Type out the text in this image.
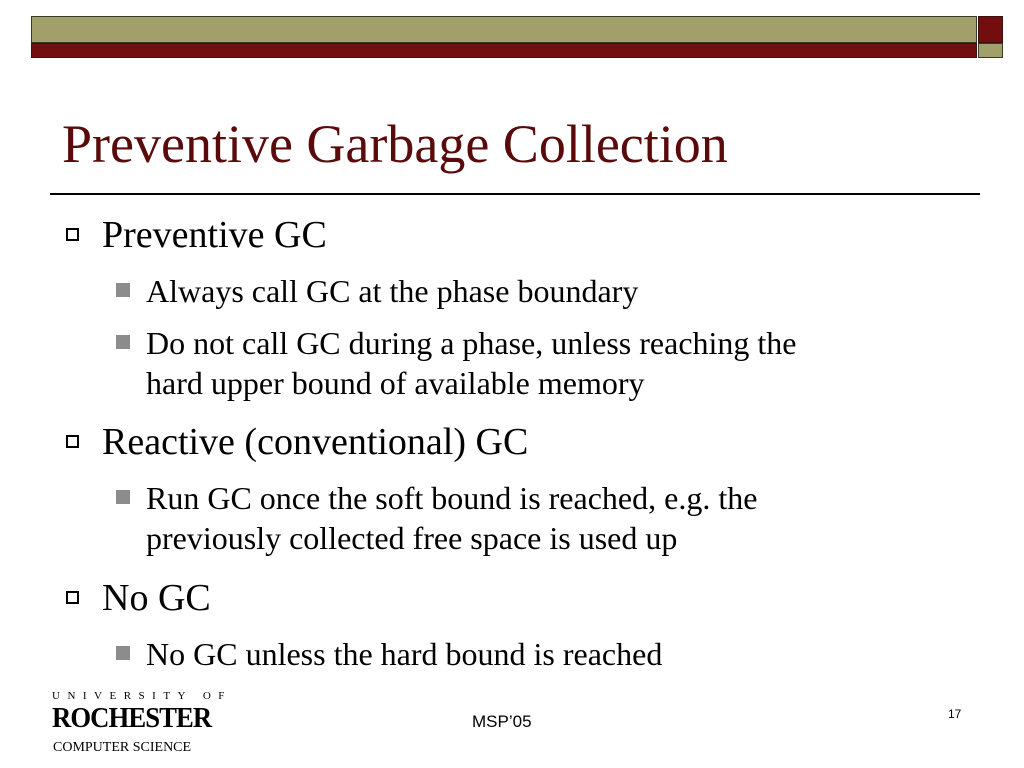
Preventive Garbage Collection
Preventive GC
Always call GC at the phase boundary
Do not call GC during a phase, unless reaching the
hard upper bound of available memory
Reactive (conventional) GC
Run GC once the soft bound is reached, e.g. the
previously collected free space is used up
No GC
No GC unless the hard bound is reached
UNIVERSITY OF
ROCHESTER
COMPUTER SCIENCE
MSP’05	17
